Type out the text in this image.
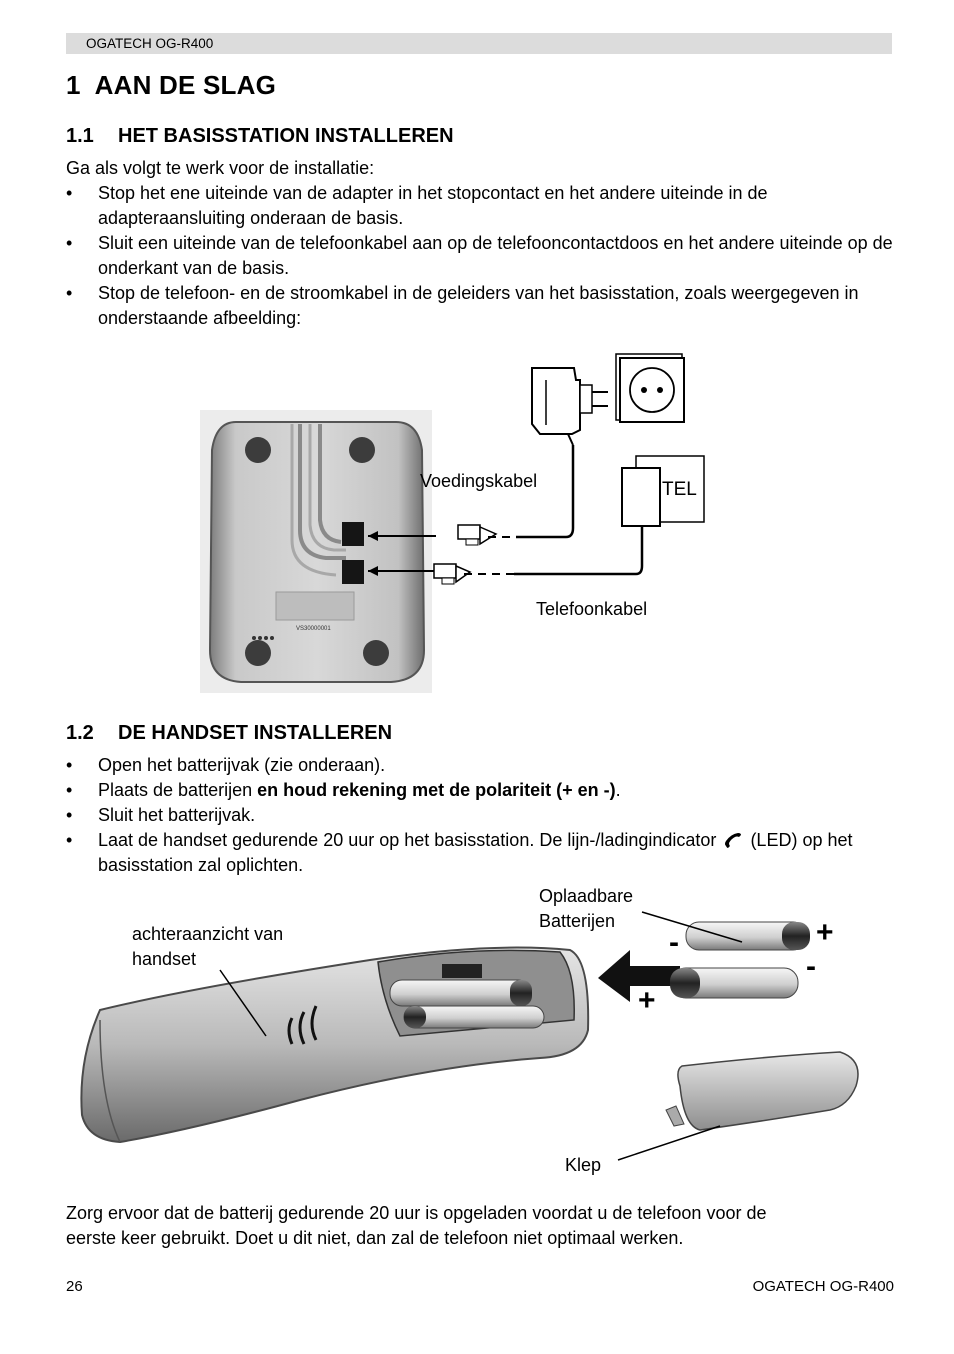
OGATECH OG-R400
1 AAN DE SLAG
1.1 HET BASISSTATION INSTALLEREN
Ga als volgt te werk voor de installatie:
• Stop het ene uiteinde van de adapter in het stopcontact en het andere uiteinde in de adapteraansluiting onderaan de basis.
• Sluit een uiteinde van de telefoonkabel aan op de telefooncontactdoos en het andere uiteinde op de onderkant van de basis.
• Stop de telefoon- en de stroomkabel in de geleiders van het basisstation, zoals weergegeven in onderstaande afbeelding:
VS30000001
TEL
Voedingskabel
Telefoonkabel
1.2 DE HANDSET INSTALLEREN
• Open het batterijvak (zie onderaan).
• Plaats de batterijen en houd rekening met de polariteit (+ en -).
• Sluit het batterijvak.
• Laat de handset gedurende 20 uur op het basisstation. De lijn-/ladingindicator (LED) op het basisstation zal oplichten.
-	+
-
+
achteraanzicht van
handset
Oplaadbare
Batterijen
Klep
Zorg ervoor dat de batterij gedurende 20 uur is opgeladen voordat u de telefoon voor de
eerste keer gebruikt. Doet u dit niet, dan zal de telefoon niet optimaal werken.
26	OGATECH OG-R400
